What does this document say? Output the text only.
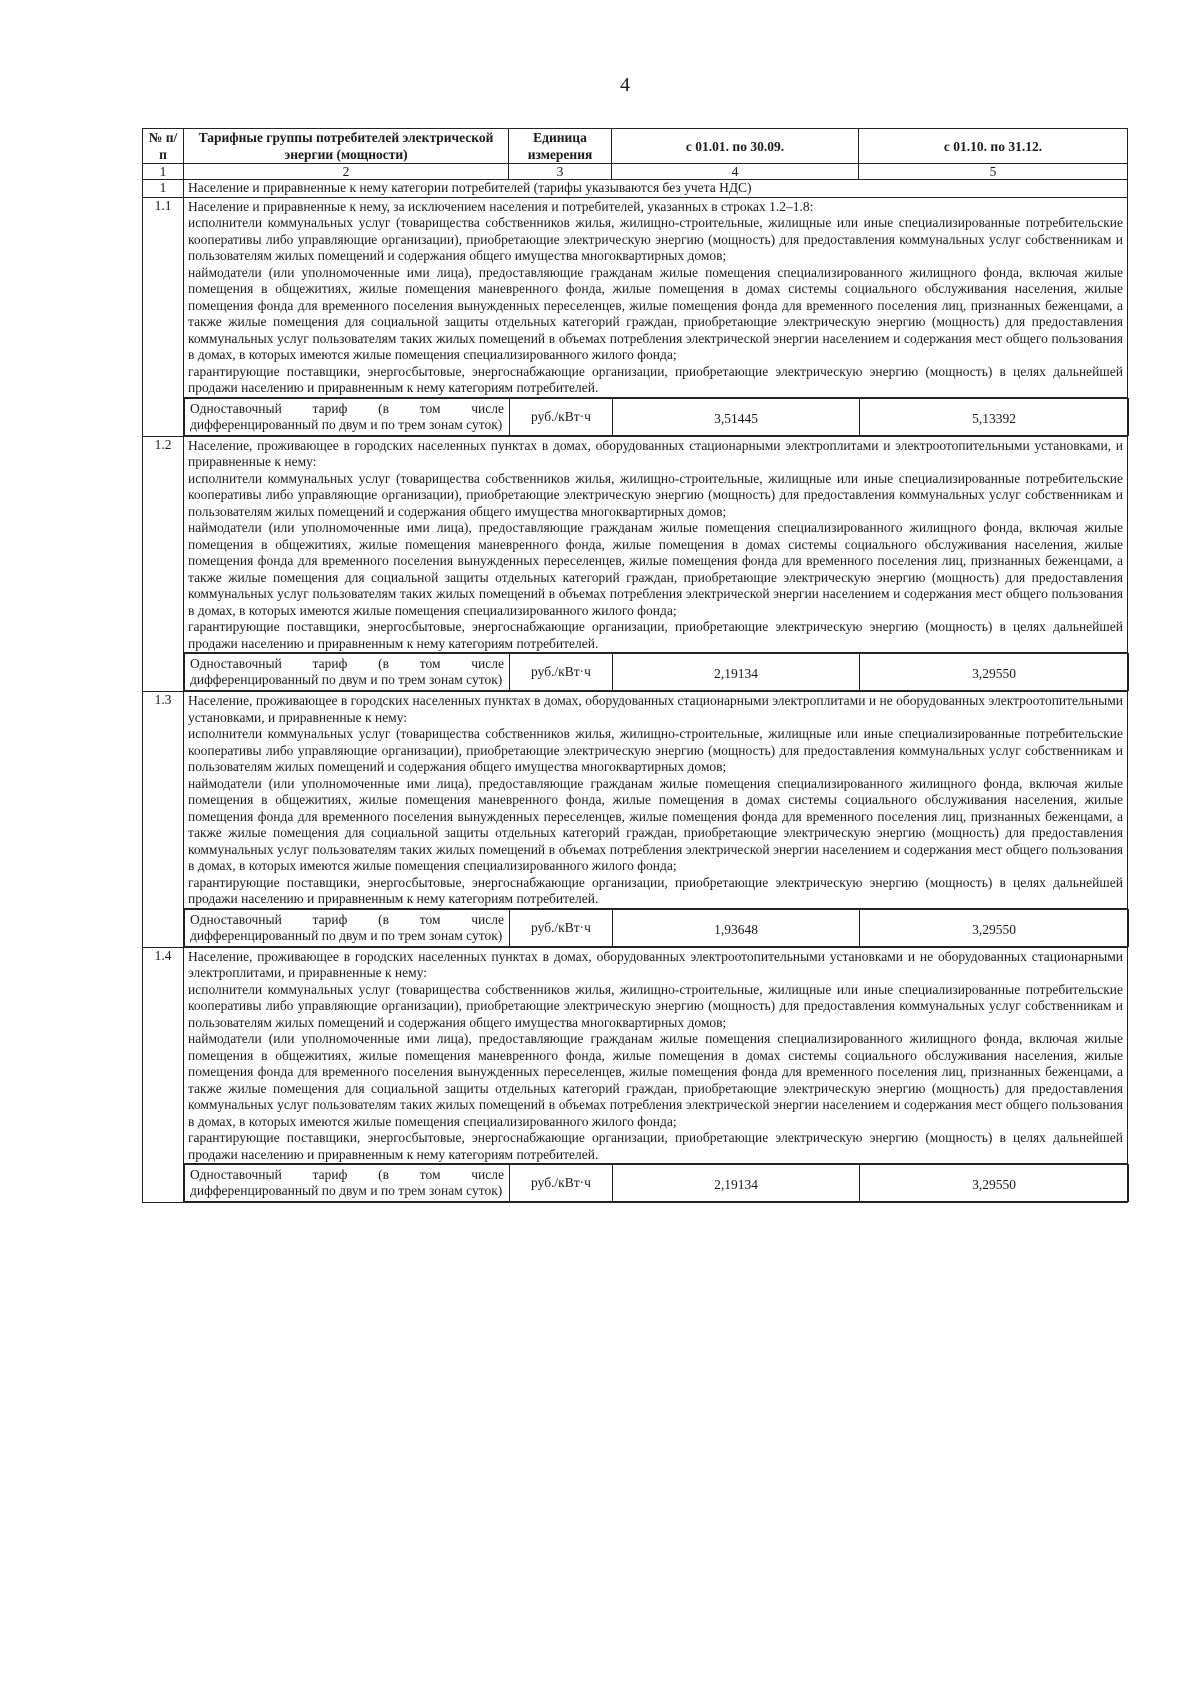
4
№ п/п	Тарифные группы потребителей электрической энергии (мощности)	Единица измерения	с 01.01. по 30.09.	с 01.10. по 31.12.
1	2	3	4	5
1	Население и приравненные к нему категории потребителей (тарифы указываются без учета НДС)
1.1	Население и приравненные к нему, за исключением населения и потребителей, указанных в строках 1.2–1.8:
исполнители коммунальных услуг (товарищества собственников жилья, жилищно-строительные, жилищные или иные специализированные потребительские кооперативы либо управляющие организации), приобретающие электрическую энергию (мощность) для предоставления коммунальных услуг собственникам и пользователям жилых помещений и содержания общего имущества многоквартирных домов;
наймодатели (или уполномоченные ими лица), предоставляющие гражданам жилые помещения специализированного жилищного фонда, включая жилые помещения в общежитиях, жилые помещения маневренного фонда, жилые помещения в домах системы социального обслуживания населения, жилые помещения фонда для временного поселения вынужденных переселенцев, жилые помещения фонда для временного поселения лиц, признанных беженцами, а также жилые помещения для социальной защиты отдельных категорий граждан, приобретающие электрическую энергию (мощность) для предоставления коммунальных услуг пользователям таких жилых помещений в объемах потребления электрической энергии населением и содержания мест общего пользования в домах, в которых имеются жилые помещения специализированного жилого фонда;
гарантирующие поставщики, энергосбытовые, энергоснабжающие организации, приобретающие электрическую энергию (мощность) в целях дальнейшей продажи населению и приравненным к нему категориям потребителей.

Одноставочный тариф (в том числе дифференцированный по двум и по трем зонам суток)	руб./кВт·ч	3,51445	5,13392

1.2	Население, проживающее в городских населенных пунктах в домах, оборудованных стационарными электроплитами и электроотопительными установками, и приравненные к нему:
исполнители коммунальных услуг (товарищества собственников жилья, жилищно-строительные, жилищные или иные специализированные потребительские кооперативы либо управляющие организации), приобретающие электрическую энергию (мощность) для предоставления коммунальных услуг собственникам и пользователям жилых помещений и содержания общего имущества многоквартирных домов;
наймодатели (или уполномоченные ими лица), предоставляющие гражданам жилые помещения специализированного жилищного фонда, включая жилые помещения в общежитиях, жилые помещения маневренного фонда, жилые помещения в домах системы социального обслуживания населения, жилые помещения фонда для временного поселения вынужденных переселенцев, жилые помещения фонда для временного поселения лиц, признанных беженцами, а также жилые помещения для социальной защиты отдельных категорий граждан, приобретающие электрическую энергию (мощность) для предоставления коммунальных услуг пользователям таких жилых помещений в объемах потребления электрической энергии населением и содержания мест общего пользования в домах, в которых имеются жилые помещения специализированного жилого фонда;
гарантирующие поставщики, энергосбытовые, энергоснабжающие организации, приобретающие электрическую энергию (мощность) в целях дальнейшей продажи населению и приравненным к нему категориям потребителей.

Одноставочный тариф (в том числе дифференцированный по двум и по трем зонам суток)	руб./кВт·ч	2,19134	3,29550

1.3	Население, проживающее в городских населенных пунктах в домах, оборудованных стационарными электроплитами и не оборудованных электроотопительными установками, и приравненные к нему:
исполнители коммунальных услуг (товарищества собственников жилья, жилищно-строительные, жилищные или иные специализированные потребительские кооперативы либо управляющие организации), приобретающие электрическую энергию (мощность) для предоставления коммунальных услуг собственникам и пользователям жилых помещений и содержания общего имущества многоквартирных домов;
наймодатели (или уполномоченные ими лица), предоставляющие гражданам жилые помещения специализированного жилищного фонда, включая жилые помещения в общежитиях, жилые помещения маневренного фонда, жилые помещения в домах системы социального обслуживания населения, жилые помещения фонда для временного поселения вынужденных переселенцев, жилые помещения фонда для временного поселения лиц, признанных беженцами, а также жилые помещения для социальной защиты отдельных категорий граждан, приобретающие электрическую энергию (мощность) для предоставления коммунальных услуг пользователям таких жилых помещений в объемах потребления электрической энергии населением и содержания мест общего пользования в домах, в которых имеются жилые помещения специализированного жилого фонда;
гарантирующие поставщики, энергосбытовые, энергоснабжающие организации, приобретающие электрическую энергию (мощность) в целях дальнейшей продажи населению и приравненным к нему категориям потребителей.

Одноставочный тариф (в том числе дифференцированный по двум и по трем зонам суток)	руб./кВт·ч	1,93648	3,29550

1.4	Население, проживающее в городских населенных пунктах в домах, оборудованных электроотопительными установками и не оборудованных стационарными электроплитами, и приравненные к нему:
исполнители коммунальных услуг (товарищества собственников жилья, жилищно-строительные, жилищные или иные специализированные потребительские кооперативы либо управляющие организации), приобретающие электрическую энергию (мощность) для предоставления коммунальных услуг собственникам и пользователям жилых помещений и содержания общего имущества многоквартирных домов;
наймодатели (или уполномоченные ими лица), предоставляющие гражданам жилые помещения специализированного жилищного фонда, включая жилые помещения в общежитиях, жилые помещения маневренного фонда, жилые помещения в домах системы социального обслуживания населения, жилые помещения фонда для временного поселения вынужденных переселенцев, жилые помещения фонда для временного поселения лиц, признанных беженцами, а также жилые помещения для социальной защиты отдельных категорий граждан, приобретающие электрическую энергию (мощность) для предоставления коммунальных услуг пользователям таких жилых помещений в объемах потребления электрической энергии населением и содержания мест общего пользования в домах, в которых имеются жилые помещения специализированного жилого фонда;
гарантирующие поставщики, энергосбытовые, энергоснабжающие организации, приобретающие электрическую энергию (мощность) в целях дальнейшей продажи населению и приравненным к нему категориям потребителей.

Одноставочный тариф (в том числе дифференцированный по двум и по трем зонам суток)	руб./кВт·ч	2,19134	3,29550
